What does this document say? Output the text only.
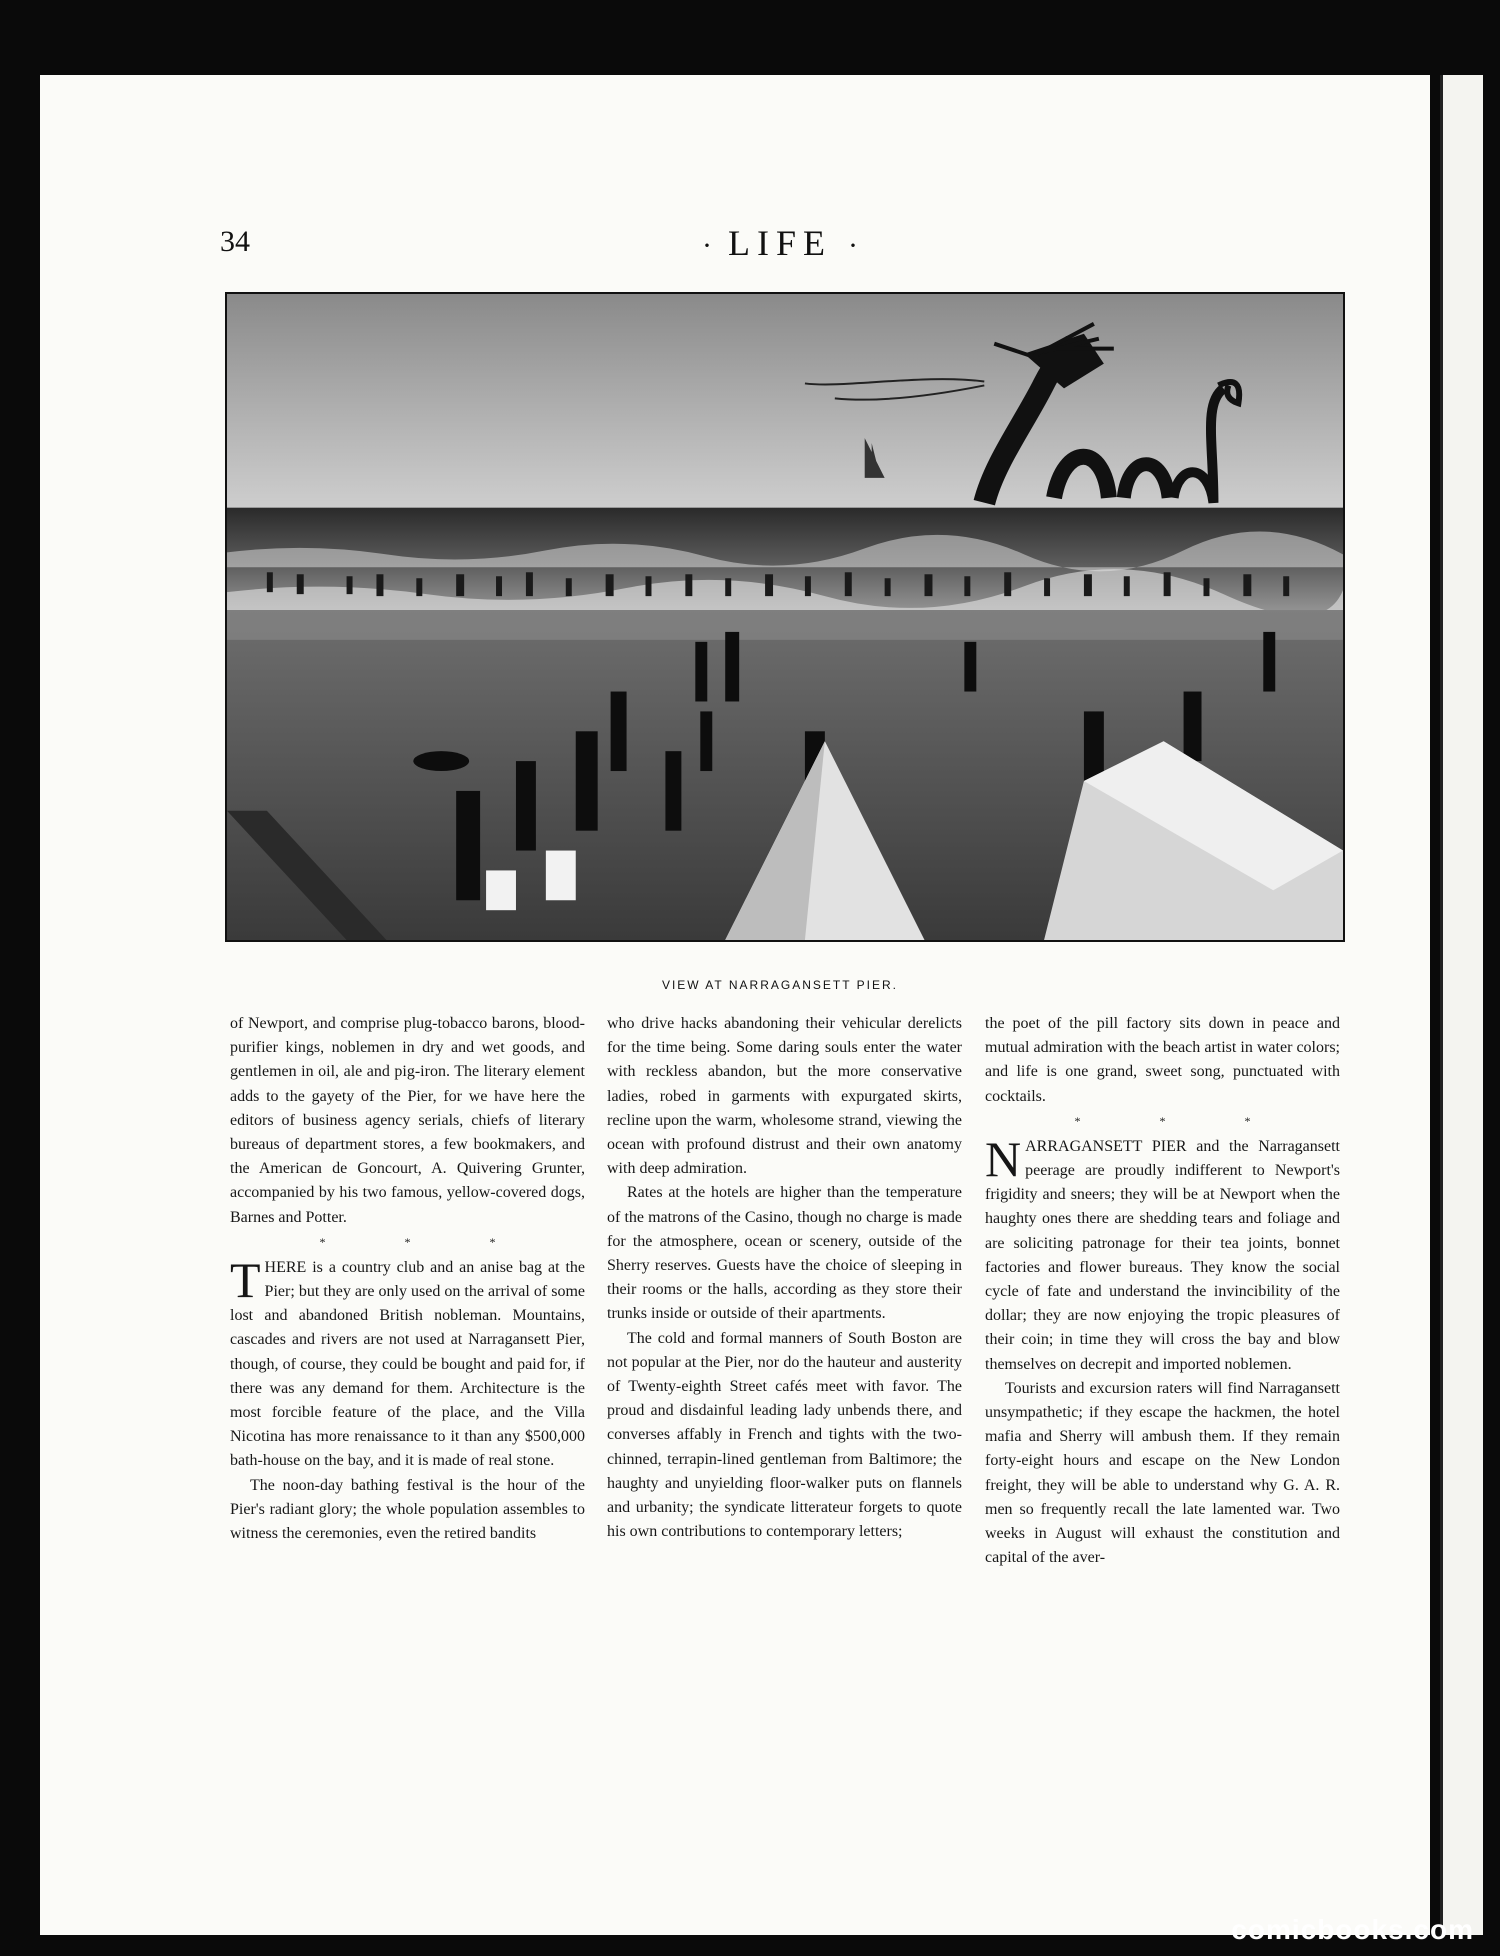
34	· LIFE ·
VIEW AT NARRAGANSETT PIER.

of Newport, and comprise plug-tobacco barons, blood-purifier kings, noblemen in dry and wet goods, and gentlemen in oil, ale and pig-iron. The literary element adds to the gayety of the Pier, for we have here the editors of business agency serials, chiefs of literary bureaus of department stores, a few bookmakers, and the American de Goncourt, A. Quivering Grunter, accompanied by his two famous, yellow-covered dogs, Barnes and Potter.

* * *

THERE is a country club and an anise bag at the Pier; but they are only used on the arrival of some lost and abandoned British nobleman. Mountains, cascades and rivers are not used at Narragansett Pier, though, of course, they could be bought and paid for, if there was any demand for them. Architecture is the most forcible feature of the place, and the Villa Nicotina has more renaissance to it than any $500,000 bath-house on the bay, and it is made of real stone.

The noon-day bathing festival is the hour of the Pier's radiant glory; the whole population assembles to witness the ceremonies, even the retired bandits

who drive hacks abandoning their vehicular derelicts for the time being. Some daring souls enter the water with reckless abandon, but the more conservative ladies, robed in garments with expurgated skirts, recline upon the warm, wholesome strand, viewing the ocean with profound distrust and their own anatomy with deep admiration.

Rates at the hotels are higher than the temperature of the matrons of the Casino, though no charge is made for the atmosphere, ocean or scenery, outside of the Sherry reserves. Guests have the choice of sleeping in their rooms or the halls, according as they store their trunks inside or outside of their apartments.

The cold and formal manners of South Boston are not popular at the Pier, nor do the hauteur and austerity of Twenty-eighth Street cafés meet with favor. The proud and disdainful leading lady unbends there, and converses affably in French and tights with the two-chinned, terrapin-lined gentleman from Baltimore; the haughty and unyielding floor-walker puts on flannels and urbanity; the syndicate litterateur forgets to quote his own contributions to contemporary letters;

the poet of the pill factory sits down in peace and mutual admiration with the beach artist in water colors; and life is one grand, sweet song, punctuated with cocktails.

* * *

NARRAGANSETT PIER and the Narragansett peerage are proudly indifferent to Newport's frigidity and sneers; they will be at Newport when the haughty ones there are shedding tears and foliage and are soliciting patronage for their tea joints, bonnet factories and flower bureaus. They know the social cycle of fate and understand the invincibility of the dollar; they are now enjoying the tropic pleasures of their coin; in time they will cross the bay and blow themselves on decrepit and imported noblemen.

Tourists and excursion raters will find Narragansett unsympathetic; if they escape the hackmen, the hotel mafia and Sherry will ambush them. If they remain forty-eight hours and escape on the New London freight, they will be able to understand why G. A. R. men so frequently recall the late lamented war. Two weeks in August will exhaust the constitution and capital of the aver-

comicbooks.com
